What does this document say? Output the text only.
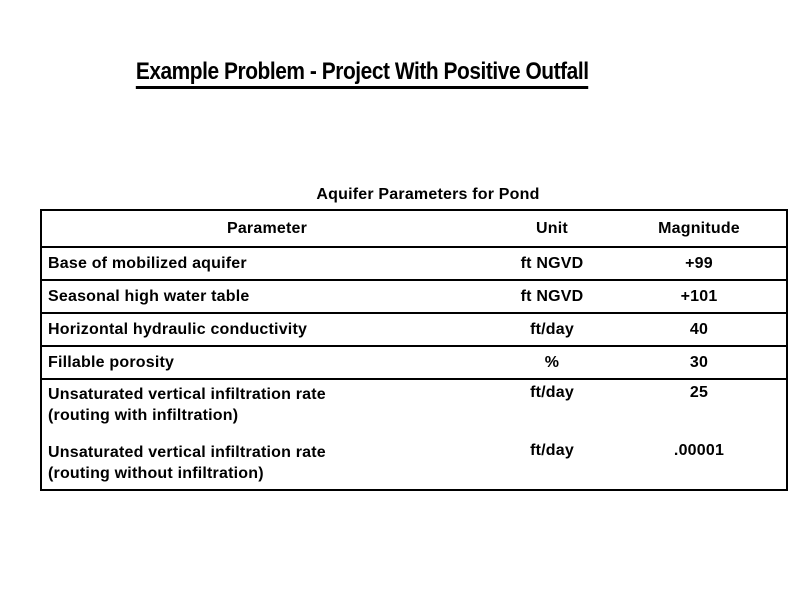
Example Problem - Project With Positive Outfall
Aquifer Parameters for Pond
Parameter	Unit	Magnitude
Base of mobilized aquifer	ft NGVD	+99
Seasonal high water table	ft NGVD	+101
Horizontal hydraulic conductivity	ft/day	40
Fillable porosity	%	30
Unsaturated vertical infiltration rate
(routing with infiltration)
ft/day	25
Unsaturated vertical infiltration rate
(routing without infiltration)
ft/day	.00001
